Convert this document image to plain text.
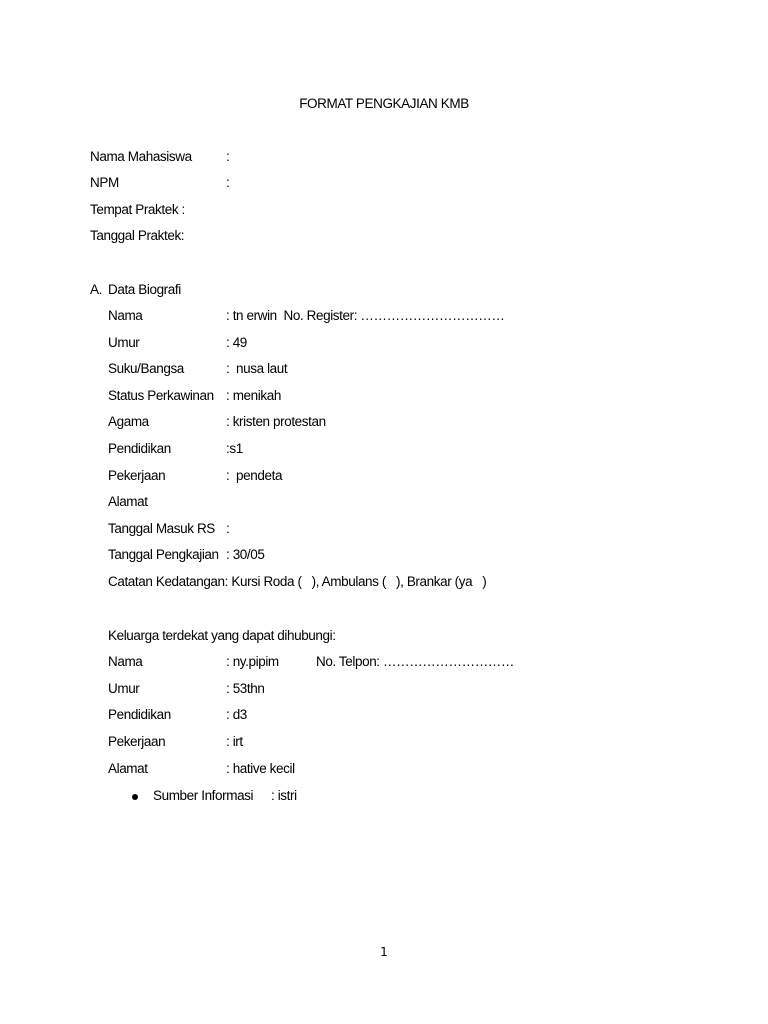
FORMAT PENGKAJIAN KMB
Nama Mahasiswa	:
NPM	:
Tempat Praktek :
Tanggal Praktek:
A. Data Biografi
Nama	: tn erwin  No. Register: ……………………………
Umur	: 49
Suku/Bangsa	:  nusa laut
Status Perkawinan : menikah
Agama	: kristen protestan
Pendidikan	:s1
Pekerjaan	:  pendeta
Alamat
Tanggal Masuk RS :
Tanggal Pengkajian : 30/05
Catatan Kedatangan: Kursi Roda (   ), Ambulans (   ), Brankar (ya   )
Keluarga terdekat yang dapat dihubungi:
Nama	: ny.pipim	No. Telpon: …………………………
Umur	: 53thn
Pendidikan	: d3
Pekerjaan	: irt
Alamat	: hative kecil
Sumber Informasi : istri
1
